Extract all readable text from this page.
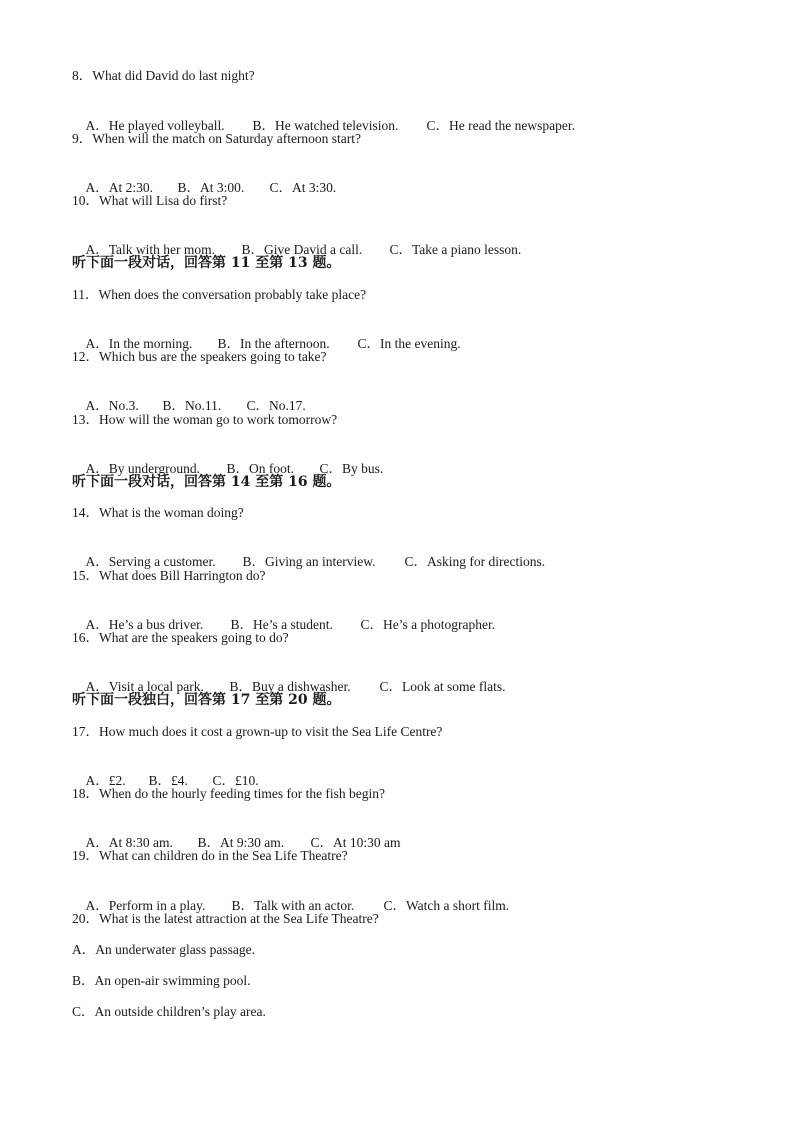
8．What did David do last night?

A．He played volleyball. B．He watched television. C．He read the newspaper.

9．When will the match on Saturday afternoon start?

A．At 2:30. B．At 3:00. C．At 3:30.

10．What will Lisa do first?

A．Talk with her mom. B．Give David a call. C．Take a piano lesson.

听下面一段对话，回答第 11 至第 13 题。
11．When does the conversation probably take place?

A．In the morning. B．In the afternoon. C．In the evening.

12．Which bus are the speakers going to take?

A．No.3. B．No.11. C．No.17.

13．How will the woman go to work tomorrow?

A．By underground. B．On foot. C．By bus.

听下面一段对话，回答第 14 至第 16 题。
14．What is the woman doing?

A．Serving a customer. B．Giving an interview. C．Asking for directions.

15．What does Bill Harrington do?

A．He’s a bus driver. B．He’s a student. C．He’s a photographer.

16．What are the speakers going to do?

A．Visit a local park. B．Buy a dishwasher. C．Look at some flats.

听下面一段独白，回答第 17 至第 20 题。
17．How much does it cost a grown-up to visit the Sea Life Centre?

A．£2. B．£4. C．£10.

18．When do the hourly feeding times for the fish begin?

A．At 8:30 am. B．At 9:30 am. C．At 10:30 am

19．What can children do in the Sea Life Theatre?

A．Perform in a play. B．Talk with an actor. C．Watch a short film.

20．What is the latest attraction at the Sea Life Theatre?
A．An underwater glass passage.
B．An open-air swimming pool.
C．An outside children’s play area.
